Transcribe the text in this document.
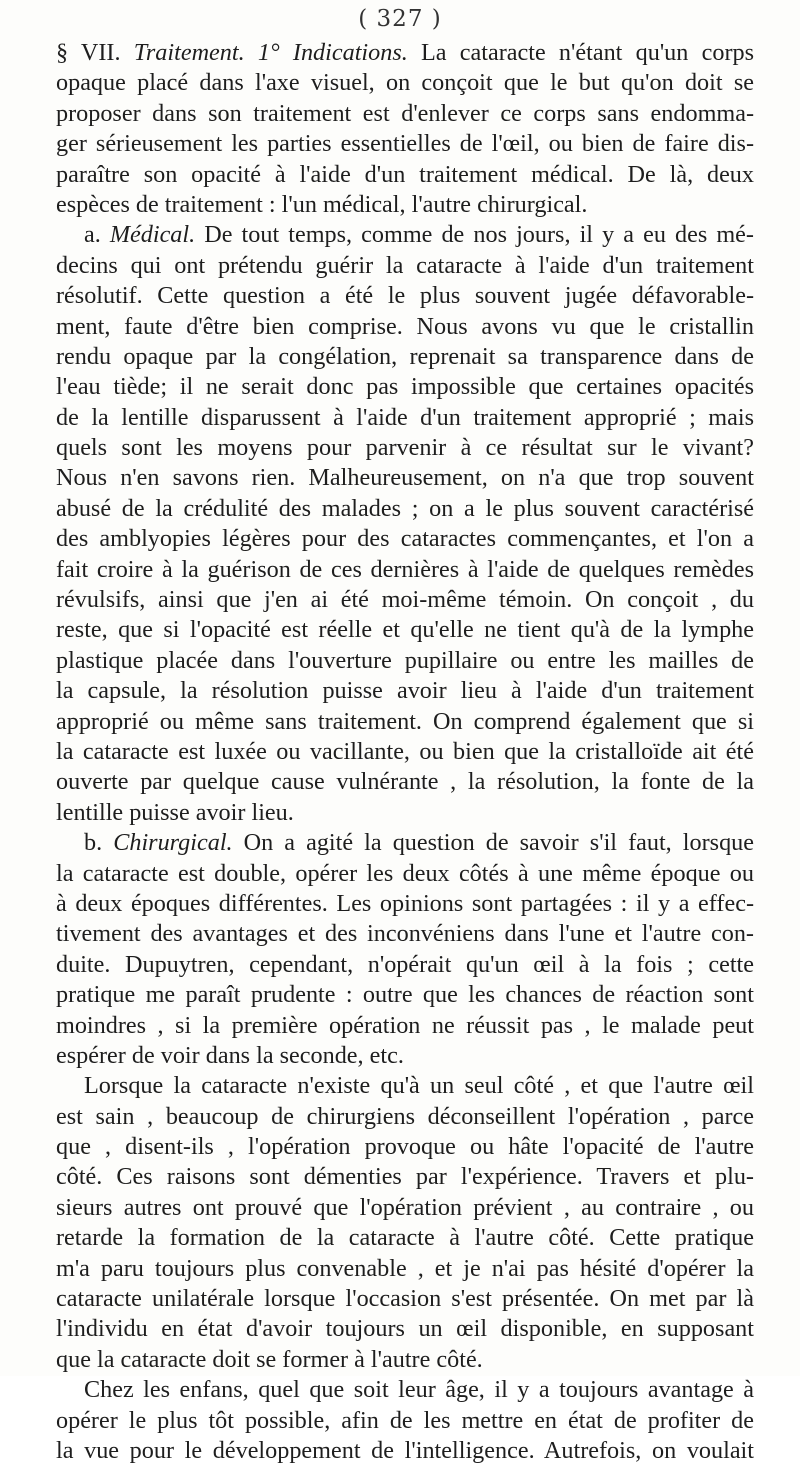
( 327 )
§ VII. Traitement. 1° Indications. La cataracte n'étant qu'un corps
opaque placé dans l'axe visuel, on conçoit que le but qu'on doit se
proposer dans son traitement est d'enlever ce corps sans endomma-
ger sérieusement les parties essentielles de l'œil, ou bien de faire dis-
paraître son opacité à l'aide d'un traitement médical. De là, deux
espèces de traitement : l'un médical, l'autre chirurgical.
a. Médical. De tout temps, comme de nos jours, il y a eu des mé-
decins qui ont prétendu guérir la cataracte à l'aide d'un traitement
résolutif. Cette question a été le plus souvent jugée défavorable-
ment, faute d'être bien comprise. Nous avons vu que le cristallin
rendu opaque par la congélation, reprenait sa transparence dans de
l'eau tiède; il ne serait donc pas impossible que certaines opacités
de la lentille disparussent à l'aide d'un traitement approprié ; mais
quels sont les moyens pour parvenir à ce résultat sur le vivant?
Nous n'en savons rien. Malheureusement, on n'a que trop souvent
abusé de la crédulité des malades ; on a le plus souvent caractérisé
des amblyopies légères pour des cataractes commençantes, et l'on a
fait croire à la guérison de ces dernières à l'aide de quelques remèdes
révulsifs, ainsi que j'en ai été moi-même témoin. On conçoit , du
reste, que si l'opacité est réelle et qu'elle ne tient qu'à de la lymphe
plastique placée dans l'ouverture pupillaire ou entre les mailles de
la capsule, la résolution puisse avoir lieu à l'aide d'un traitement
approprié ou même sans traitement. On comprend également que si
la cataracte est luxée ou vacillante, ou bien que la cristalloïde ait été
ouverte par quelque cause vulnérante , la résolution, la fonte de la
lentille puisse avoir lieu.
b. Chirurgical. On a agité la question de savoir s'il faut, lorsque
la cataracte est double, opérer les deux côtés à une même époque ou
à deux époques différentes. Les opinions sont partagées : il y a effec-
tivement des avantages et des inconvéniens dans l'une et l'autre con-
duite. Dupuytren, cependant, n'opérait qu'un œil à la fois ; cette
pratique me paraît prudente : outre que les chances de réaction sont
moindres , si la première opération ne réussit pas , le malade peut
espérer de voir dans la seconde, etc.
Lorsque la cataracte n'existe qu'à un seul côté , et que l'autre œil
est sain , beaucoup de chirurgiens déconseillent l'opération , parce
que , disent-ils , l'opération provoque ou hâte l'opacité de l'autre
côté. Ces raisons sont démenties par l'expérience. Travers et plu-
sieurs autres ont prouvé que l'opération prévient , au contraire , ou
retarde la formation de la cataracte à l'autre côté. Cette pratique
m'a paru toujours plus convenable , et je n'ai pas hésité d'opérer la
cataracte unilatérale lorsque l'occasion s'est présentée. On met par là
l'individu en état d'avoir toujours un œil disponible, en supposant
que la cataracte doit se former à l'autre côté.
Chez les enfans, quel que soit leur âge, il y a toujours avantage à
opérer le plus tôt possible, afin de les mettre en état de profiter de
la vue pour le développement de l'intelligence. Autrefois, on voulait
